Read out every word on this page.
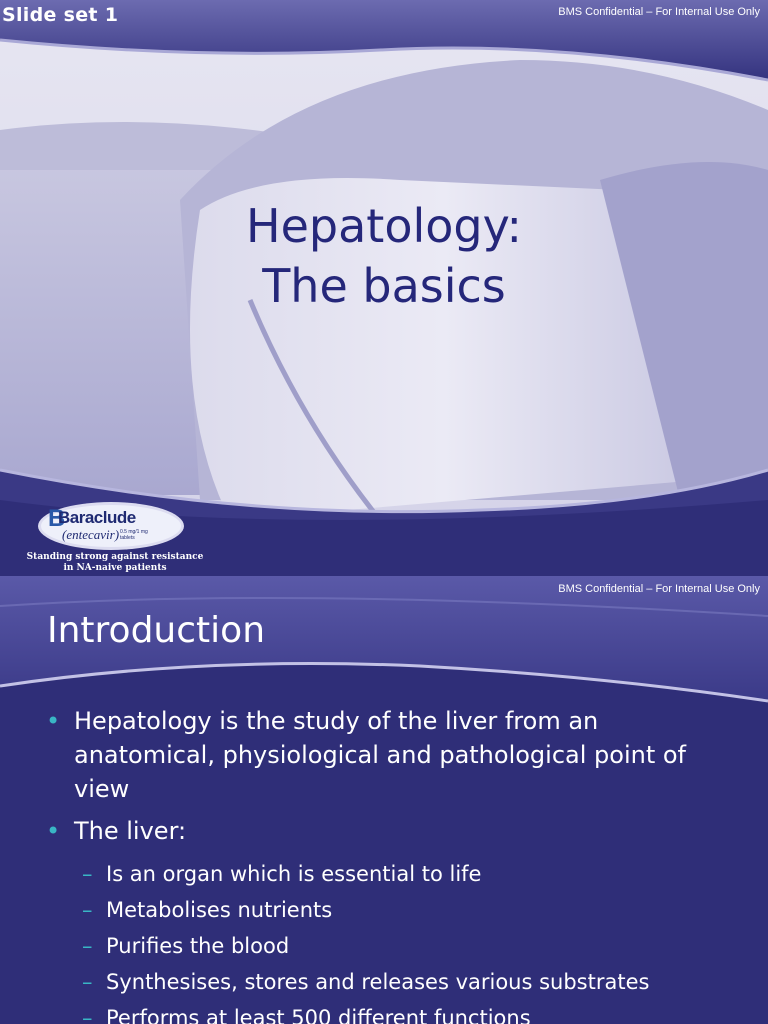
Slide set 1	BMS Confidential – For Internal Use Only
Hepatology:
The basics
B
Baraclude
(entecavir) 0.5 mg/1 mg tablets
Standing strong against resistance
in NA-naive patients
BMS Confidential – For Internal Use Only
Introduction
• Hepatology is the study of the liver from an anatomical, physiological and pathological point of view
• The liver:
– Is an organ which is essential to life
– Metabolises nutrients
– Purifies the blood
– Synthesises, stores and releases various substrates
– Performs at least 500 different functions
